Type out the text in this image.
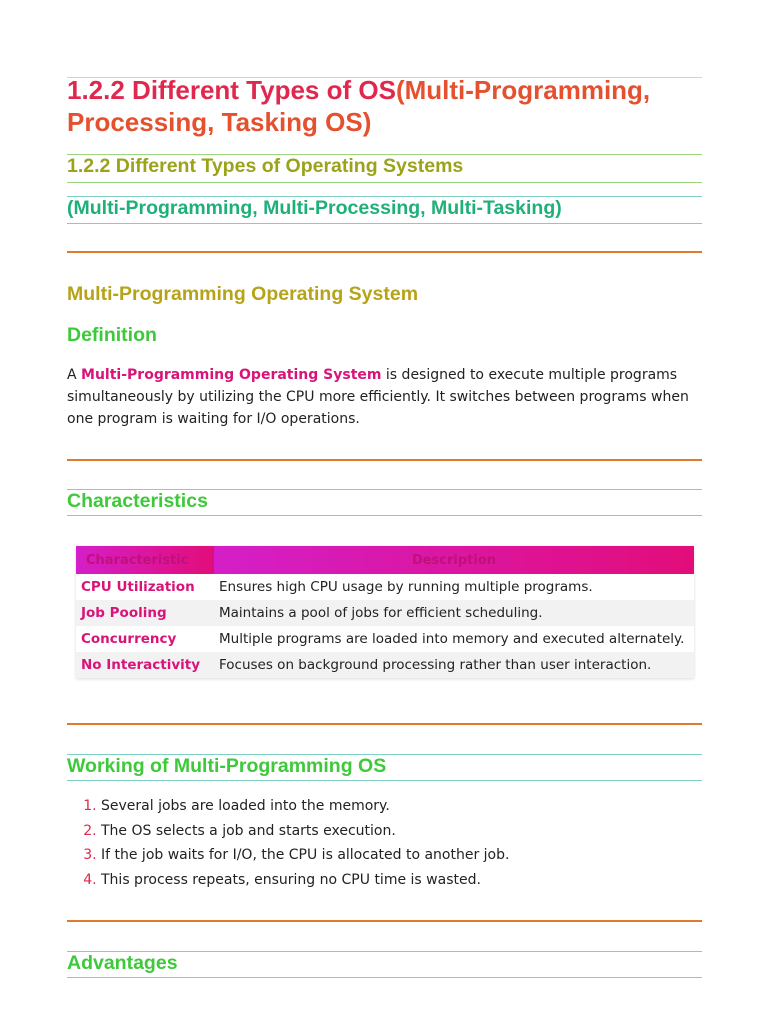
1.2.2 Different Types of OS(Multi-Programming, Processing, Tasking OS)
1.2.2 Different Types of Operating Systems
(Multi-Programming, Multi-Processing, Multi-Tasking)
Multi-Programming Operating System
Definition
A Multi-Programming Operating System is designed to execute multiple programs simultaneously by utilizing the CPU more efficiently. It switches between programs when one program is waiting for I/O operations.
Characteristics
Characteristic	Description
CPU Utilization	Ensures high CPU usage by running multiple programs.
Job Pooling	Maintains a pool of jobs for efficient scheduling.
Concurrency	Multiple programs are loaded into memory and executed alternately.
No Interactivity	Focuses on background processing rather than user interaction.
Working of Multi-Programming OS
1. Several jobs are loaded into the memory.
2. The OS selects a job and starts execution.
3. If the job waits for I/O, the CPU is allocated to another job.
4. This process repeats, ensuring no CPU time is wasted.
Advantages
